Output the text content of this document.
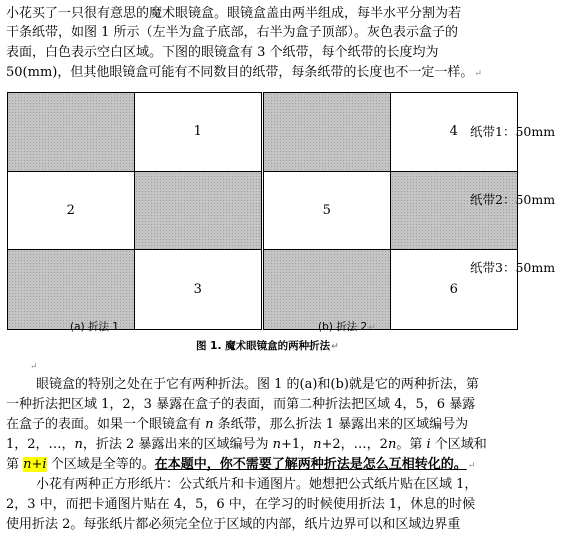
小花买了一只很有意思的魔术眼镜盒。眼镜盒盖由两半组成，每半水平分割为若
干条纸带，如图 1 所示（左半为盒子底部，右半为盒子顶部）。灰色表示盒子的
表面，白色表示空白区域。下图的眼镜盒有 3 个纸带，每个纸带的长度均为
50(mm)，但其他眼镜盒可能有不同数目的纸带，每条纸带的长度也不一定一样。↵
1
2
3
4
5
6
纸带1：50mm
纸带2：50mm
纸带3：50mm
(a) 折法 1	(b) 折法 2↵
图 1. 魔术眼镜盒的两种折法↵
↵
眼镜盒的特别之处在于它有两种折法。图 1 的(a)和(b)就是它的两种折法，第
一种折法把区域 1，2，3 暴露在盒子的表面，而第二种折法把区域 4，5，6 暴露
在盒子的表面。如果一个眼镜盒有 n 条纸带，那么折法 1 暴露出来的区域编号为
1，2，…，n，折法 2 暴露出来的区域编号为 n+1，n+2，…，2n。第 i 个区域和
第 n+i 个区域是全等的。在本题中，你不需要了解两种折法是怎么互相转化的。↵
小花有两种正方形纸片：公式纸片和卡通图片。她想把公式纸片贴在区域 1，
2，3 中，而把卡通图片贴在 4，5，6 中，在学习的时候使用折法 1，休息的时候
使用折法 2。每张纸片都必须完全位于区域的内部，纸片边界可以和区域边界重
